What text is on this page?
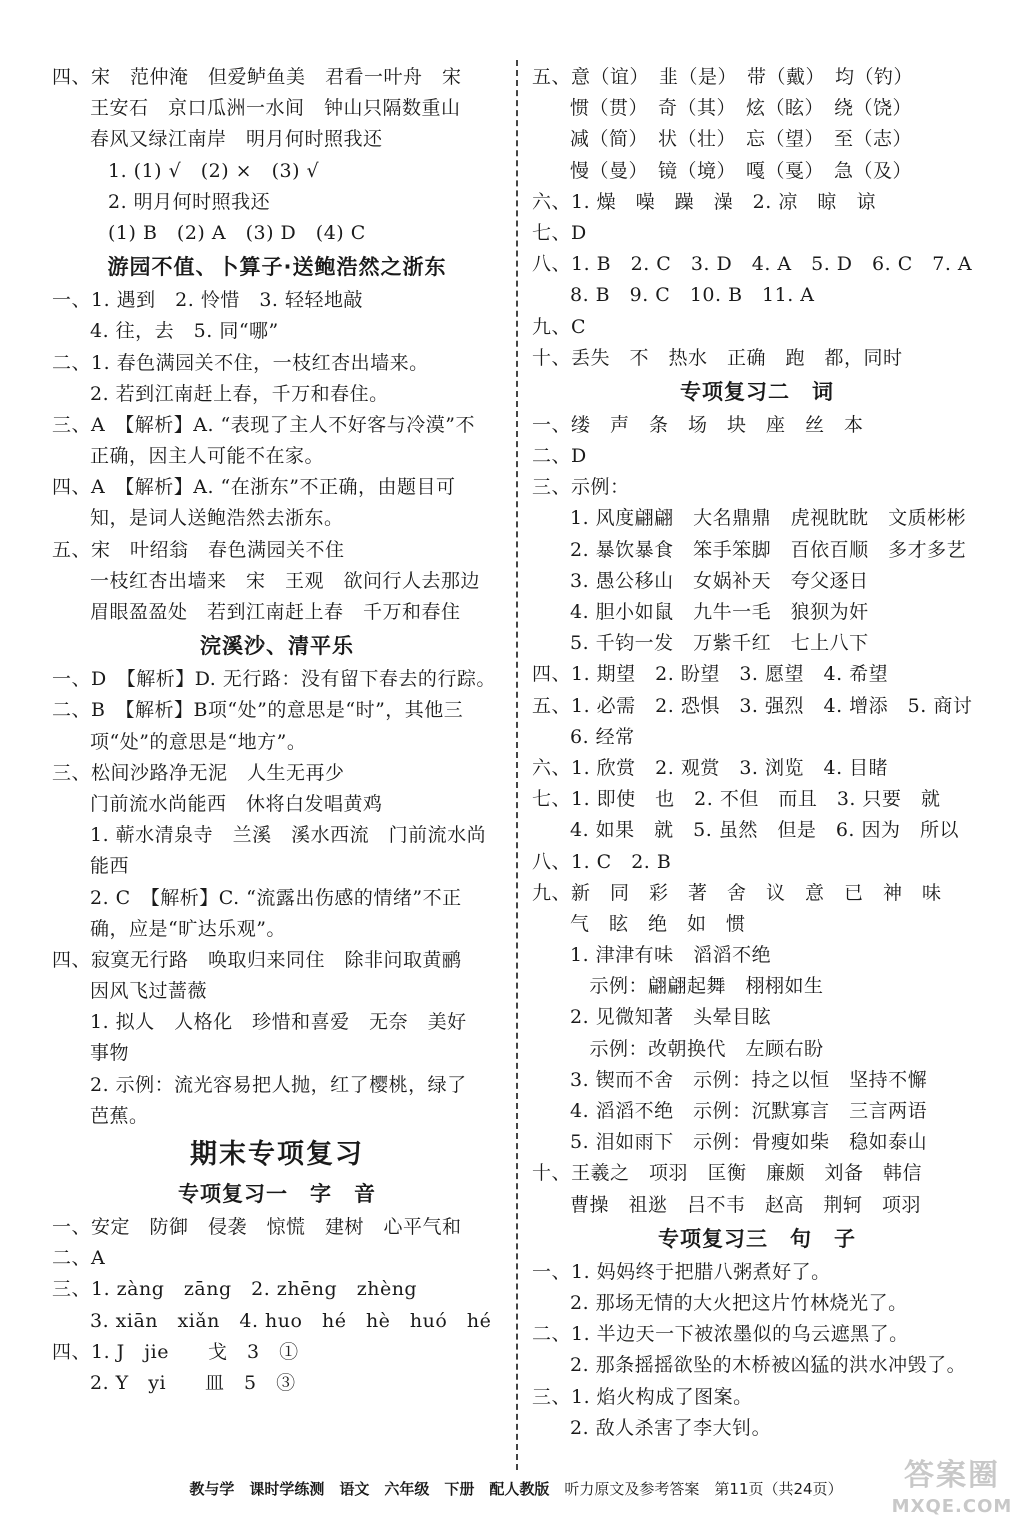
四、宋　范仲淹　但爱鲈鱼美　君看一叶舟　宋
王安石　京口瓜洲一水间　钟山只隔数重山
春风又绿江南岸　明月何时照我还
1. (1) √　(2) ×　(3) √
2. 明月何时照我还
(1) B　(2) A　(3) D　(4) C
游园不值、卜算子·送鲍浩然之浙东
一、1. 遇到　2. 怜惜　3. 轻轻地敲
4. 往，去　5. 同“哪”
二、1. 春色满园关不住，一枝红杏出墙来。
2. 若到江南赶上春，千万和春住。
三、A　【解析】A. “表现了主人不好客与冷漠”不
正确，因主人可能不在家。
四、A　【解析】A. “在浙东”不正确，由题目可
知，是词人送鲍浩然去浙东。
五、宋　叶绍翁　春色满园关不住
一枝红杏出墙来　宋　王观　欲问行人去那边
眉眼盈盈处　若到江南赶上春　千万和春住
浣溪沙、清平乐
一、D　【解析】D. 无行路：没有留下春去的行踪。
二、B　【解析】B项“处”的意思是“时”，其他三
项“处”的意思是“地方”。
三、松间沙路净无泥　人生无再少
门前流水尚能西　休将白发唱黄鸡
1. 蕲水清泉寺　兰溪　溪水西流　门前流水尚
能西
2. C　【解析】C. “流露出伤感的情绪”不正
确，应是“旷达乐观”。
四、寂寞无行路　唤取归来同住　除非问取黄鹂
因风飞过蔷薇
1. 拟人　人格化　珍惜和喜爱　无奈　美好
事物
2. 示例：流光容易把人抛，红了樱桃，绿了
芭蕉。
期末专项复习
专项复习一　字　音
一、安定　防御　侵袭　惊慌　建树　心平气和
二、A
三、1. zàng　zāng　2. zhēng　zhèng
3. xiān　xiǎn　4. huo　hé　hè　huó　hé
四、1. J　jie　　戈　3　①
2. Y　yi　　皿　5　③
五、意（谊）　韭（是）　带（戴）　均（钓）
惯（贯）　奇（其）　炫（眩）　绕（饶）
减（简）　状（壮）　忘（望）　至（志）
慢（曼）　镜（境）　嘎（戛）　急（及）
六、1. 燥　噪　躁　澡　2. 凉　晾　谅
七、D
八、1. B　2. C　3. D　4. A　5. D　6. C　7. A
8. B　9. C　10. B　11. A
九、C
十、丢失　不　热水　正确　跑　都，同时
专项复习二　词
一、缕　声　条　场　块　座　丝　本
二、D
三、示例：
1. 风度翩翩　大名鼎鼎　虎视眈眈　文质彬彬
2. 暴饮暴食　笨手笨脚　百依百顺　多才多艺
3. 愚公移山　女娲补天　夸父逐日
4. 胆小如鼠　九牛一毛　狼狈为奸
5. 千钧一发　万紫千红　七上八下
四、1. 期望　2. 盼望　3. 愿望　4. 希望
五、1. 必需　2. 恐惧　3. 强烈　4. 增添　5. 商讨
6. 经常
六、1. 欣赏　2. 观赏　3. 浏览　4. 目睹
七、1. 即使　也　2. 不但　而且　3. 只要　就
4. 如果　就　5. 虽然　但是　6. 因为　所以
八、1. C　2. B
九、新　同　彩　著　舍　议　意　已　神　味
气　眩　绝　如　惯
1. 津津有味　滔滔不绝
　示例：翩翩起舞　栩栩如生
2. 见微知著　头晕目眩
　示例：改朝换代　左顾右盼
3. 锲而不舍　示例：持之以恒　坚持不懈
4. 滔滔不绝　示例：沉默寡言　三言两语
5. 泪如雨下　示例：骨瘦如柴　稳如泰山
十、王羲之　项羽　匡衡　廉颇　刘备　韩信
曹操　祖逖　吕不韦　赵高　荆轲　项羽
专项复习三　句　子
一、1. 妈妈终于把腊八粥煮好了。
2. 那场无情的大火把这片竹林烧光了。
二、1. 半边天一下被浓墨似的乌云遮黑了。
2. 那条摇摇欲坠的木桥被凶猛的洪水冲毁了。
三、1. 焰火构成了图案。
2. 敌人杀害了李大钊。
教与学　课时学练测　语文　六年级　下册　配人教版　听力原文及参考答案　第11页（共24页）	答案圈
MXQE.COM
